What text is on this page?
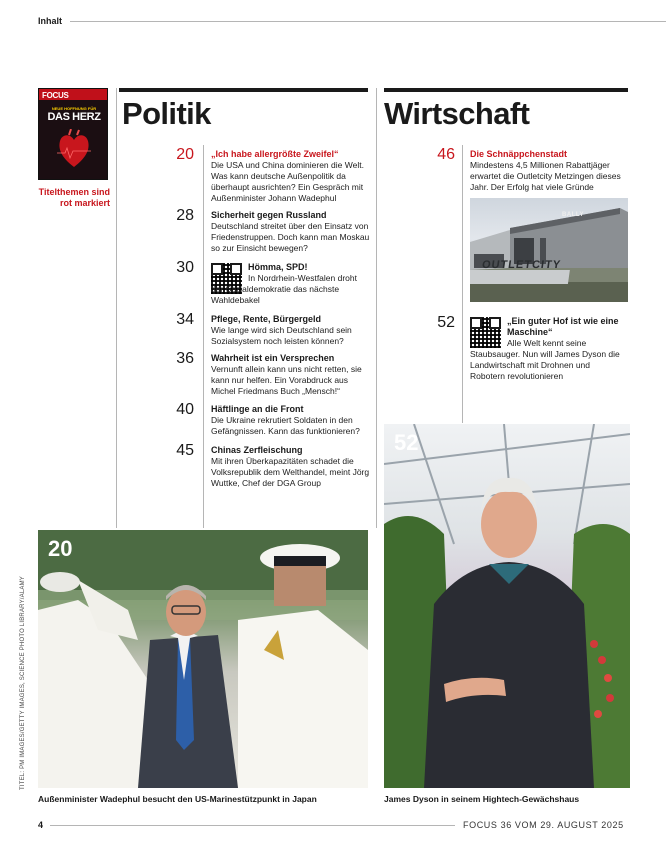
Inhalt
FOCUS
NEUE HOFFNUNG FÜR
DAS HERZ
Titelthemen sind rot markiert
Politik	Wirtschaft
20 „Ich habe allergrößte Zweifel“
Die USA und China dominieren die Welt. Was kann deutsche Außenpolitik da überhaupt ausrichten? Ein Gespräch mit Außenminister Johann Wadephul
28 Sicherheit gegen Russland
Deutschland streitet über den Einsatz von Friedenstruppen. Doch kann man Moskau so zur Einsicht bewegen?
30	Hömma, SPD!
In Nordrhein-Westfalen droht der Sozialdemokratie das nächste Wahldebakel
34 Pflege, Rente, Bürgergeld
Wie lange wird sich Deutschland sein Sozialsystem noch leisten können?
36 Wahrheit ist ein Versprechen
Vernunft allein kann uns nicht retten, sie kann nur helfen. Ein Vorabdruck aus Michel Friedmans Buch „Mensch!“
40 Häftlinge an die Front
Die Ukraine rekrutiert Soldaten in den Gefängnissen. Kann das funktionieren?
45 Chinas Zerfleischung
Mit ihren Überkapazitäten schadet die Volksrepublik dem Welthandel, meint Jörg Wuttke, Chef der DGA Group
46 Die Schnäppchenstadt
Mindestens 4,5 Millionen Rabattjäger erwartet die Outletcity Metzingen dieses Jahr. Der Erfolg hat viele Gründe
OUTLETCITY
BALLY
52	„Ein guter Hof ist wie eine Maschine“
Alle Welt kennt seine Staubsauger. Nun will James Dyson die Landwirtschaft mit Drohnen und Robotern revolutionieren
20
Außenminister Wadephul besucht den US-Marinestützpunkt in Japan
52
James Dyson in seinem Hightech-Gewächshaus
TITEL: PM IMAGES/GETTY IMAGES, SCIENCE PHOTO LIBRARY/ALAMY
4	FOCUS 36 VOM 29. AUGUST 2025
